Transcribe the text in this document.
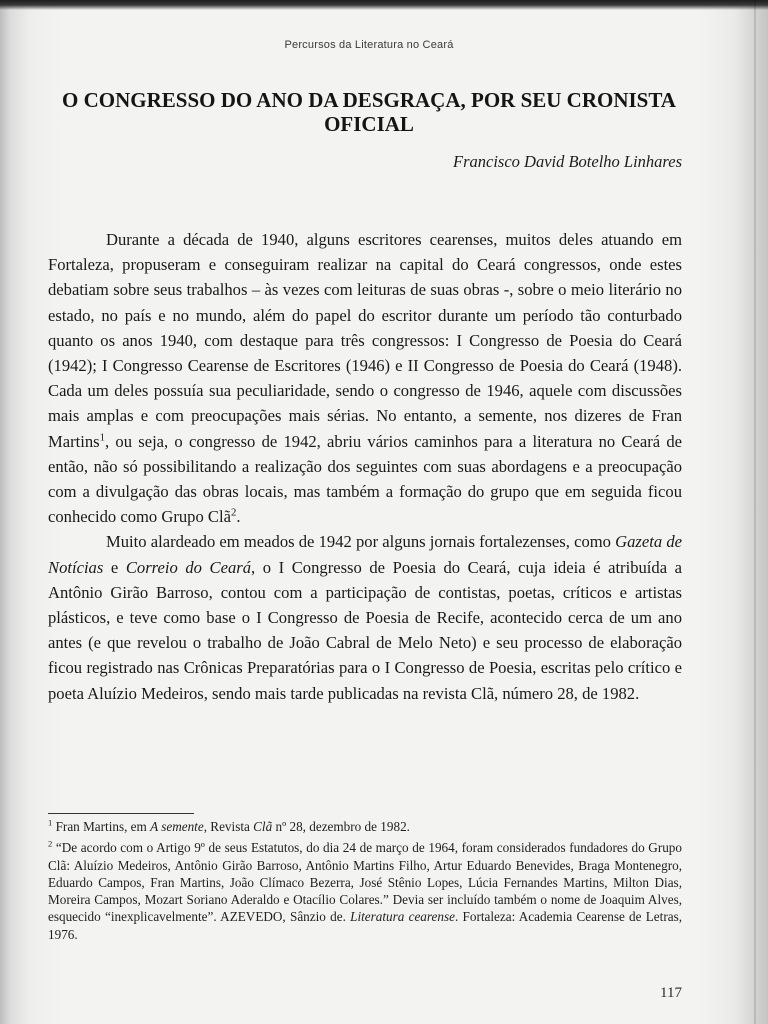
Percursos da Literatura no Ceará
O CONGRESSO DO ANO DA DESGRAÇA, POR SEU CRONISTA OFICIAL
Francisco David Botelho Linhares

Durante a década de 1940, alguns escritores cearenses, muitos deles atuando em Fortaleza, propuseram e conseguiram realizar na capital do Ceará congressos, onde estes debatiam sobre seus trabalhos – às vezes com leituras de suas obras -, sobre o meio literário no estado, no país e no mundo, além do papel do escritor durante um período tão conturbado quanto os anos 1940, com destaque para três congressos: I Congresso de Poesia do Ceará (1942); I Congresso Cearense de Escritores (1946) e II Congresso de Poesia do Ceará (1948). Cada um deles possuía sua peculiaridade, sendo o congresso de 1946, aquele com discussões mais amplas e com preocupações mais sérias. No entanto, a semente, nos dizeres de Fran Martins$^1$, ou seja, o congresso de 1942, abriu vários caminhos para a literatura no Ceará de então, não só possibilitando a realização dos seguintes com suas abordagens e a preocupação com a divulgação das obras locais, mas também a formação do grupo que em seguida ficou conhecido como Grupo Clã$^2$.

Muito alardeado em meados de 1942 por alguns jornais fortalezenses, como Gazeta de Notícias e Correio do Ceará, o I Congresso de Poesia do Ceará, cuja ideia é atribuída a Antônio Girão Barroso, contou com a participação de contistas, poetas, críticos e artistas plásticos, e teve como base o I Congresso de Poesia de Recife, acontecido cerca de um ano antes (e que revelou o trabalho de João Cabral de Melo Neto) e seu processo de elaboração ficou registrado nas Crônicas Preparatórias para o I Congresso de Poesia, escritas pelo crítico e poeta Aluízio Medeiros, sendo mais tarde publicadas na revista Clã, número 28, de 1982.

$^1$ Fran Martins, em A semente, Revista Clã nº 28, dezembro de 1982.

$^2$ “De acordo com o Artigo 9º de seus Estatutos, do dia 24 de março de 1964, foram considerados fundadores do Grupo Clã: Aluízio Medeiros, Antônio Girão Barroso, Antônio Martins Filho, Artur Eduardo Benevides, Braga Montenegro, Eduardo Campos, Fran Martins, João Clímaco Bezerra, José Stênio Lopes, Lúcia Fernandes Martins, Milton Dias, Moreira Campos, Mozart Soriano Aderaldo e Otacílio Colares.” Devia ser incluído também o nome de Joaquim Alves, esquecido “inexplicavelmente”. AZEVEDO, Sânzio de. Literatura cearense. Fortaleza: Academia Cearense de Letras, 1976.

117
